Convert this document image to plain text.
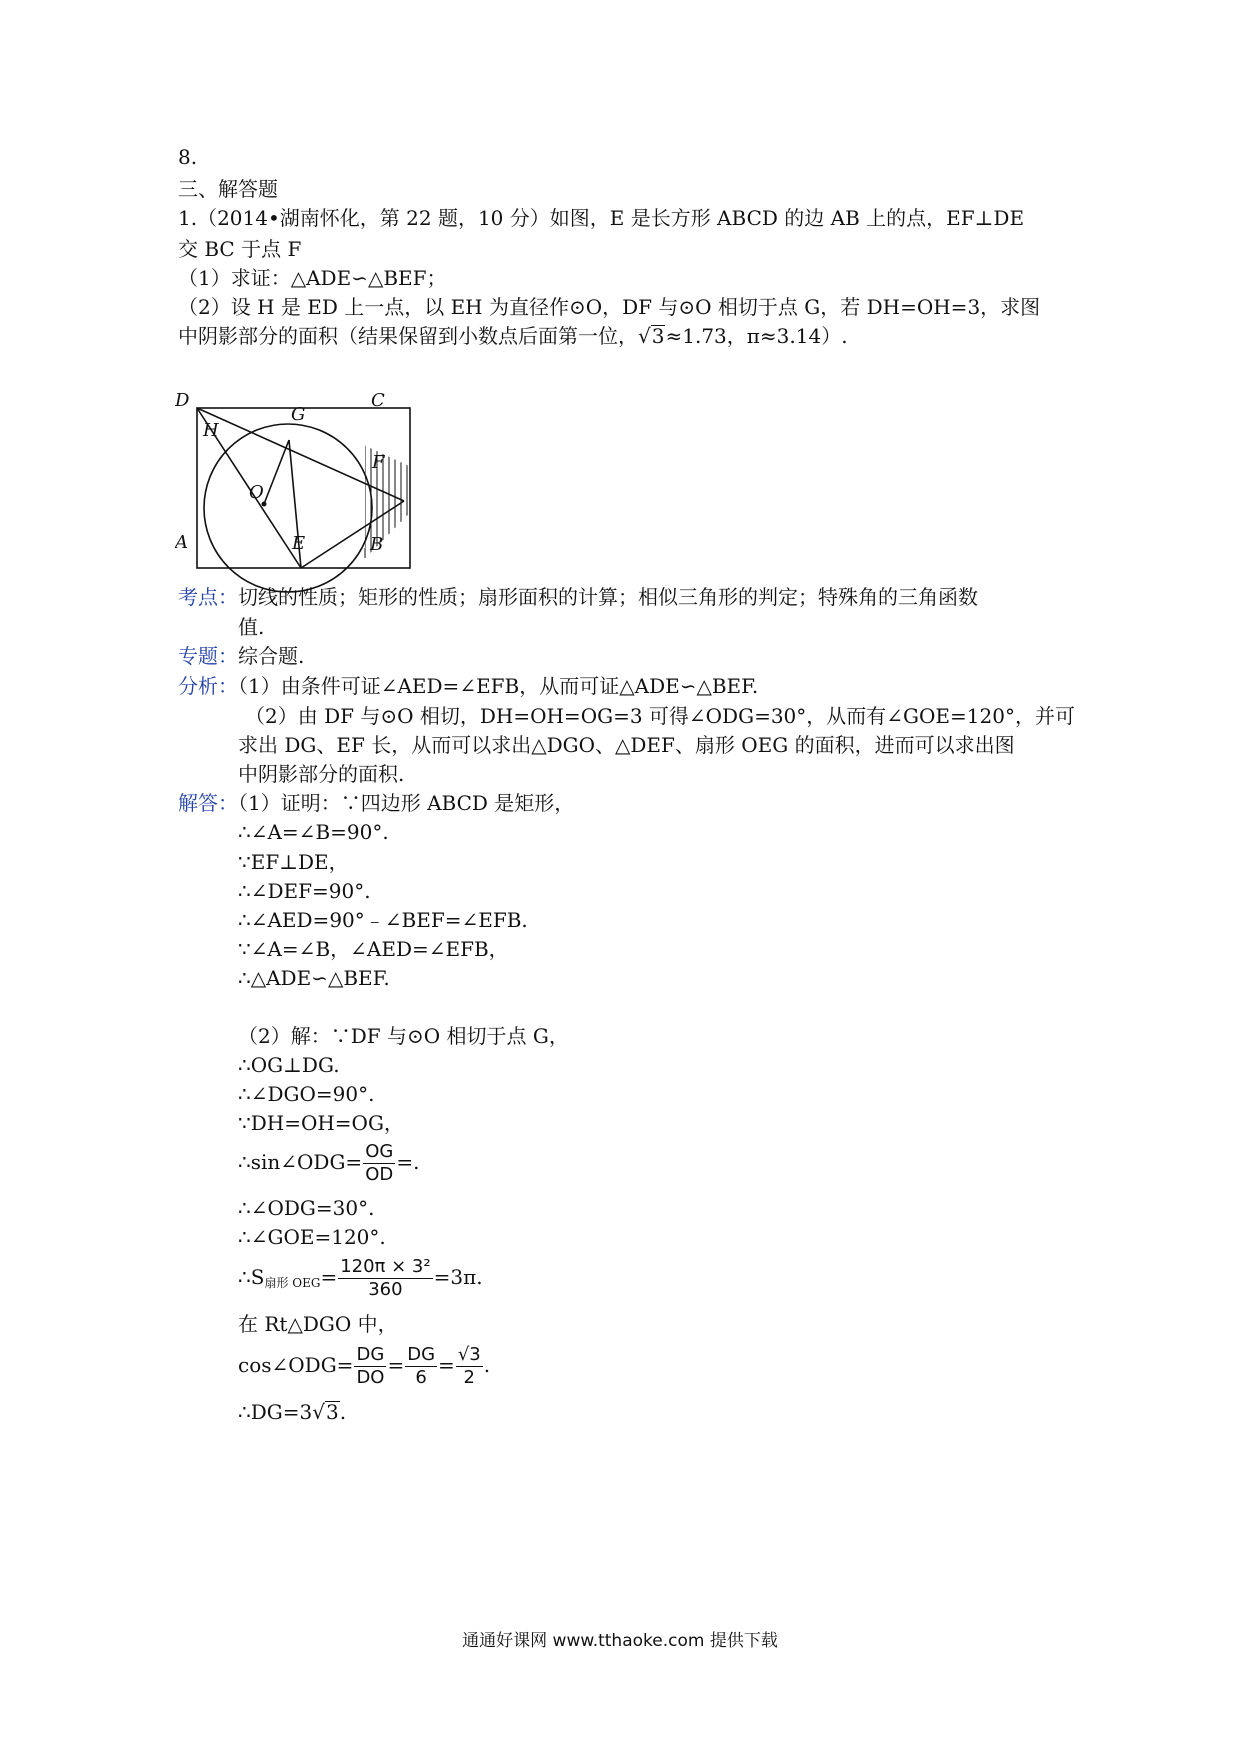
8.
三、解答题
1.（2014•湖南怀化，第 22 题，10 分）如图，E 是长方形 ABCD 的边 AB 上的点，EF⊥DE
交 BC 于点 F
（1）求证：△ADE∽△BEF；
（2）设 H 是 ED 上一点，以 EH 为直径作⊙O，DF 与⊙O 相切于点 G，若 DH=OH=3，求图
中阴影部分的面积（结果保留到小数点后面第一位，√3≈1.73，π≈3.14）.
D	C
G
H
F
O
A	E	B
考点：切线的性质；矩形的性质；扇形面积的计算；相似三角形的判定；特殊角的三角函数
值.
专题：综合题.
分析：（1）由条件可证∠AED=∠EFB，从而可证△ADE∽△BEF.
（2）由 DF 与⊙O 相切，DH=OH=OG=3 可得∠ODG=30°，从而有∠GOE=120°，并可
求出 DG、EF 长，从而可以求出△DGO、△DEF、扇形 OEG 的面积，进而可以求出图
中阴影部分的面积.
解答：（1）证明：∵四边形 ABCD 是矩形，
∴∠A=∠B=90°.
∵EF⊥DE，
∴∠DEF=90°.
∴∠AED=90°﹣∠BEF=∠EFB.
∵∠A=∠B，∠AED=∠EFB，
∴△ADE∽△BEF.
（2）解：∵DF 与⊙O 相切于点 G，
∴OG⊥DG.
∴∠DGO=90°.
∵DH=OH=OG，
∴sin∠ODG= $\frac{OG}{OD}$ =.
∴∠ODG=30°.
∴∠GOE=120°.
$\therefore S_{扇形 OEG}= \frac{\text{120π × 3²}}{360} =3\pi$.
在 Rt△DGO 中，
cos∠ODG= $\frac{DG}{DO} = \frac{DG}{6} = \frac{√3}{2}$ .
∴DG=3√3.
通通好课网 www.tthaoke.com 提供下载
